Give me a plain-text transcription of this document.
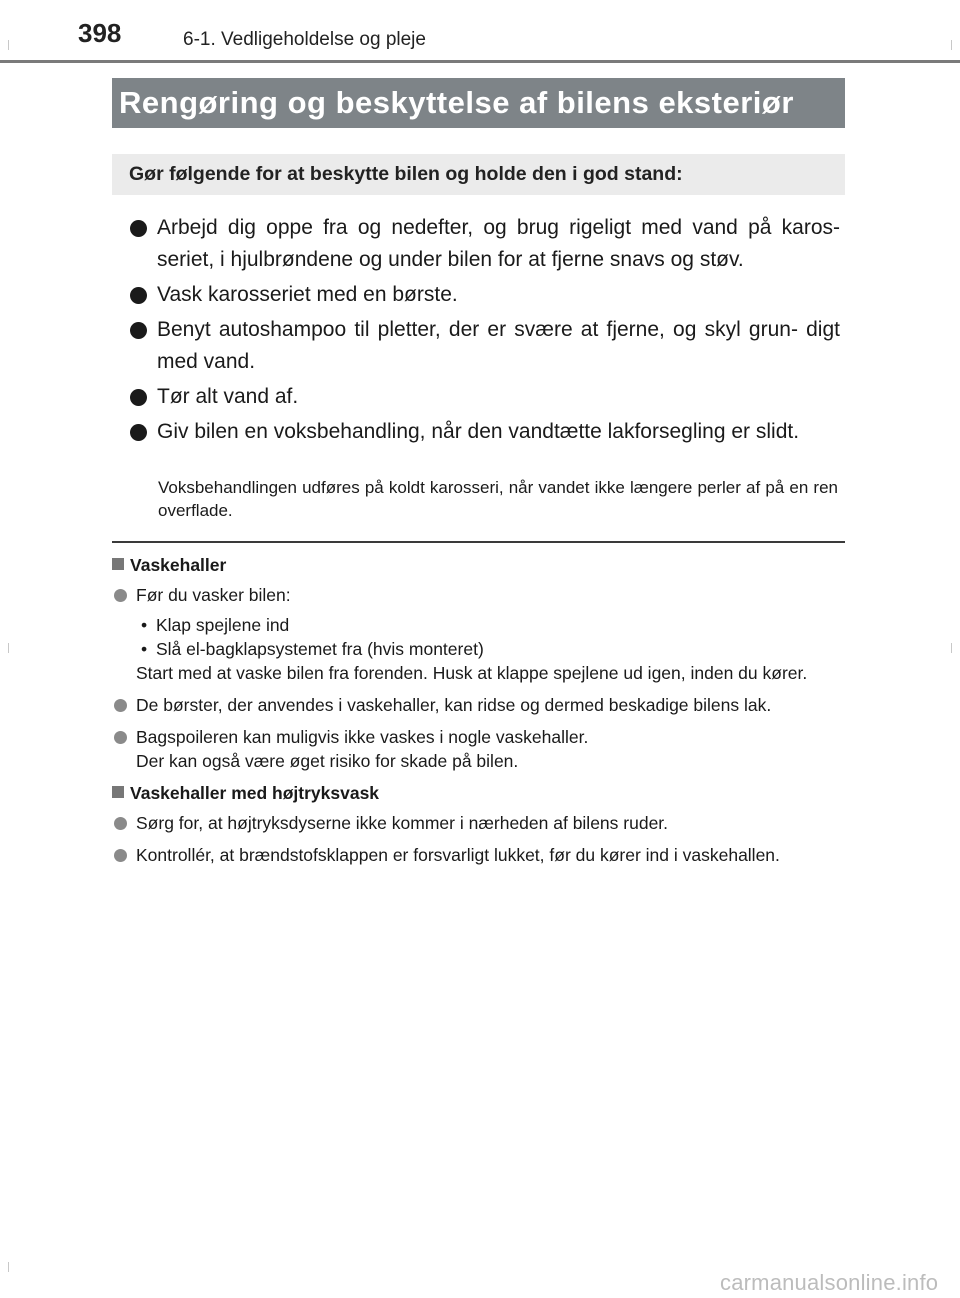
398	6-1. Vedligeholdelse og pleje
Rengøring og beskyttelse af bilens eksteriør
Gør følgende for at beskytte bilen og holde den i god stand:
Arbejd dig oppe fra og nedefter, og brug rigeligt med vand på karos- seriet, i hjulbrøndene og under bilen for at fjerne snavs og støv.
Vask karosseriet med en børste.
Benyt autoshampoo til pletter, der er svære at fjerne, og skyl grun- digt med vand.
Tør alt vand af.
Giv bilen en voksbehandling, når den vandtætte lakforsegling er slidt.
Voksbehandlingen udføres på koldt karosseri, når vandet ikke længere perler af på en ren overflade.
Vaskehaller
Før du vasker bilen:
• Klap spejlene ind
• Slå el-bagklapsystemet fra (hvis monteret)
Start med at vaske bilen fra forenden. Husk at klappe spejlene ud igen, inden du kører.
De børster, der anvendes i vaskehaller, kan ridse og dermed beskadige bilens lak.
Bagspoileren kan muligvis ikke vaskes i nogle vaskehaller.
Der kan også være øget risiko for skade på bilen.
Vaskehaller med højtryksvask
Sørg for, at højtryksdyserne ikke kommer i nærheden af bilens ruder.
Kontrollér, at brændstofsklappen er forsvarligt lukket, før du kører ind i vaskehallen.
carmanualsonline.info
